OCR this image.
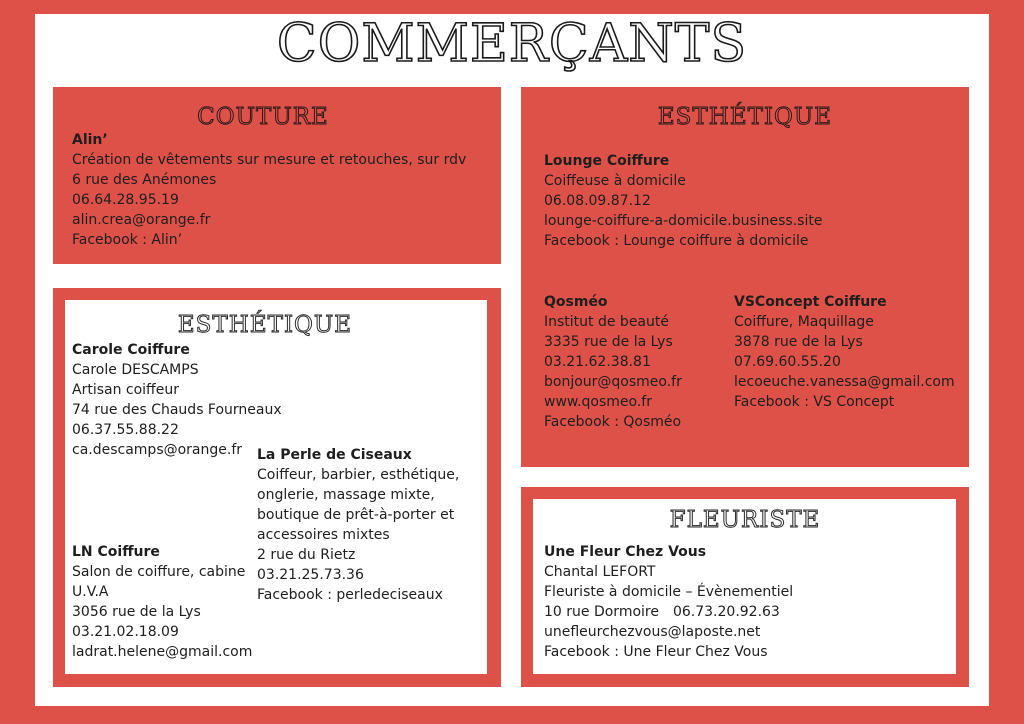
COMMERÇANTS
COUTURE
Alin’
Création de vêtements sur mesure et retouches, sur rdv
6 rue des Anémones
06.64.28.95.19
alin.crea@orange.fr
Facebook : Alin’
ESTHÉTIQUE
Carole Coiffure
Carole DESCAMPS
Artisan coiffeur
74 rue des Chauds Fourneaux
06.37.55.88.22
ca.descamps@orange.fr	La Perle de Ciseaux
Coiffeur, barbier, esthétique,
onglerie, massage mixte,
boutique de prêt-à-porter et
accessoires mixtes
2 rue du Rietz
03.21.25.73.36
Facebook : perledeciseaux
LN Coiffure
Salon de coiffure, cabine
U.V.A
3056 rue de la Lys
03.21.02.18.09
ladrat.helene@gmail.com
ESTHÉTIQUE
Lounge Coiffure
Coiffeuse à domicile
06.08.09.87.12
lounge-coiffure-a-domicile.business.site
Facebook : Lounge coiffure à domicile
Qosméo
Institut de beauté
3335 rue de la Lys
03.21.62.38.81
bonjour@qosmeo.fr
www.qosmeo.fr
Facebook : Qosméo
VSConcept Coiffure
Coiffure, Maquillage
3878 rue de la Lys
07.69.60.55.20
lecoeuche.vanessa@gmail.com
Facebook : VS Concept
FLEURISTE
Une Fleur Chez Vous
Chantal LEFORT
Fleuriste à domicile – Évènementiel
10 rue Dormoire 06.73.20.92.63
unefleurchezvous@laposte.net
Facebook : Une Fleur Chez Vous
